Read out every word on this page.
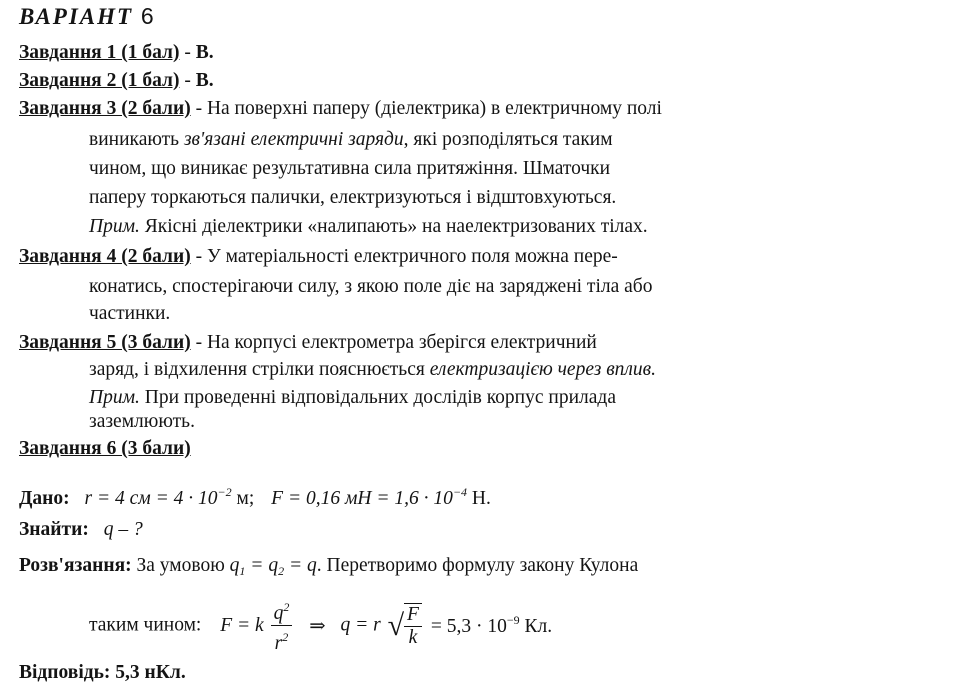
ВАРІАНТ 6
Завдання 1 (1 бал) - В.
Завдання 2 (1 бал) - В.
Завдання 3 (2 бали) - На поверхні паперу (діелектрика) в електричному полі
виникають зв'язані електричні заряди, які розподіляться таким
чином, що виникає результативна сила притяжіння. Шматочки
паперу торкаються палички, електризуються і відштовхуються.
Прим. Якісні діелектрики «налипають» на наелектризованих тілах.
Завдання 4 (2 бали) - У матеріальності електричного поля можна пере-
конатись, спостерігаючи силу, з якою поле діє на заряджені тіла або
частинки.
Завдання 5 (3 бали) - На корпусі електрометра зберігся електричний
заряд, і відхилення стрілки пояснюється електризацією через вплив.
Прим. При проведенні відповідальних дослідів корпус прилада
заземлюють.
Завдання 6 (3 бали)
Дано: r = 4 см = $4 \cdot 10^{-2}$ м; F = 0,16 мН = $1,6 \cdot 10^{-4}$ Н.
Знайти: q – ?
Розв'язання: За умовою $q_1 = q_2 = q$. Перетворимо формулу закону Кулона
таким чином: F = k $\frac{q^2}{r^2}$ ⇒ q = r √ $\frac{F}{k} = 5,3 \cdot 10^{-9}$ Кл.
Відповідь: 5,3 нКл.
